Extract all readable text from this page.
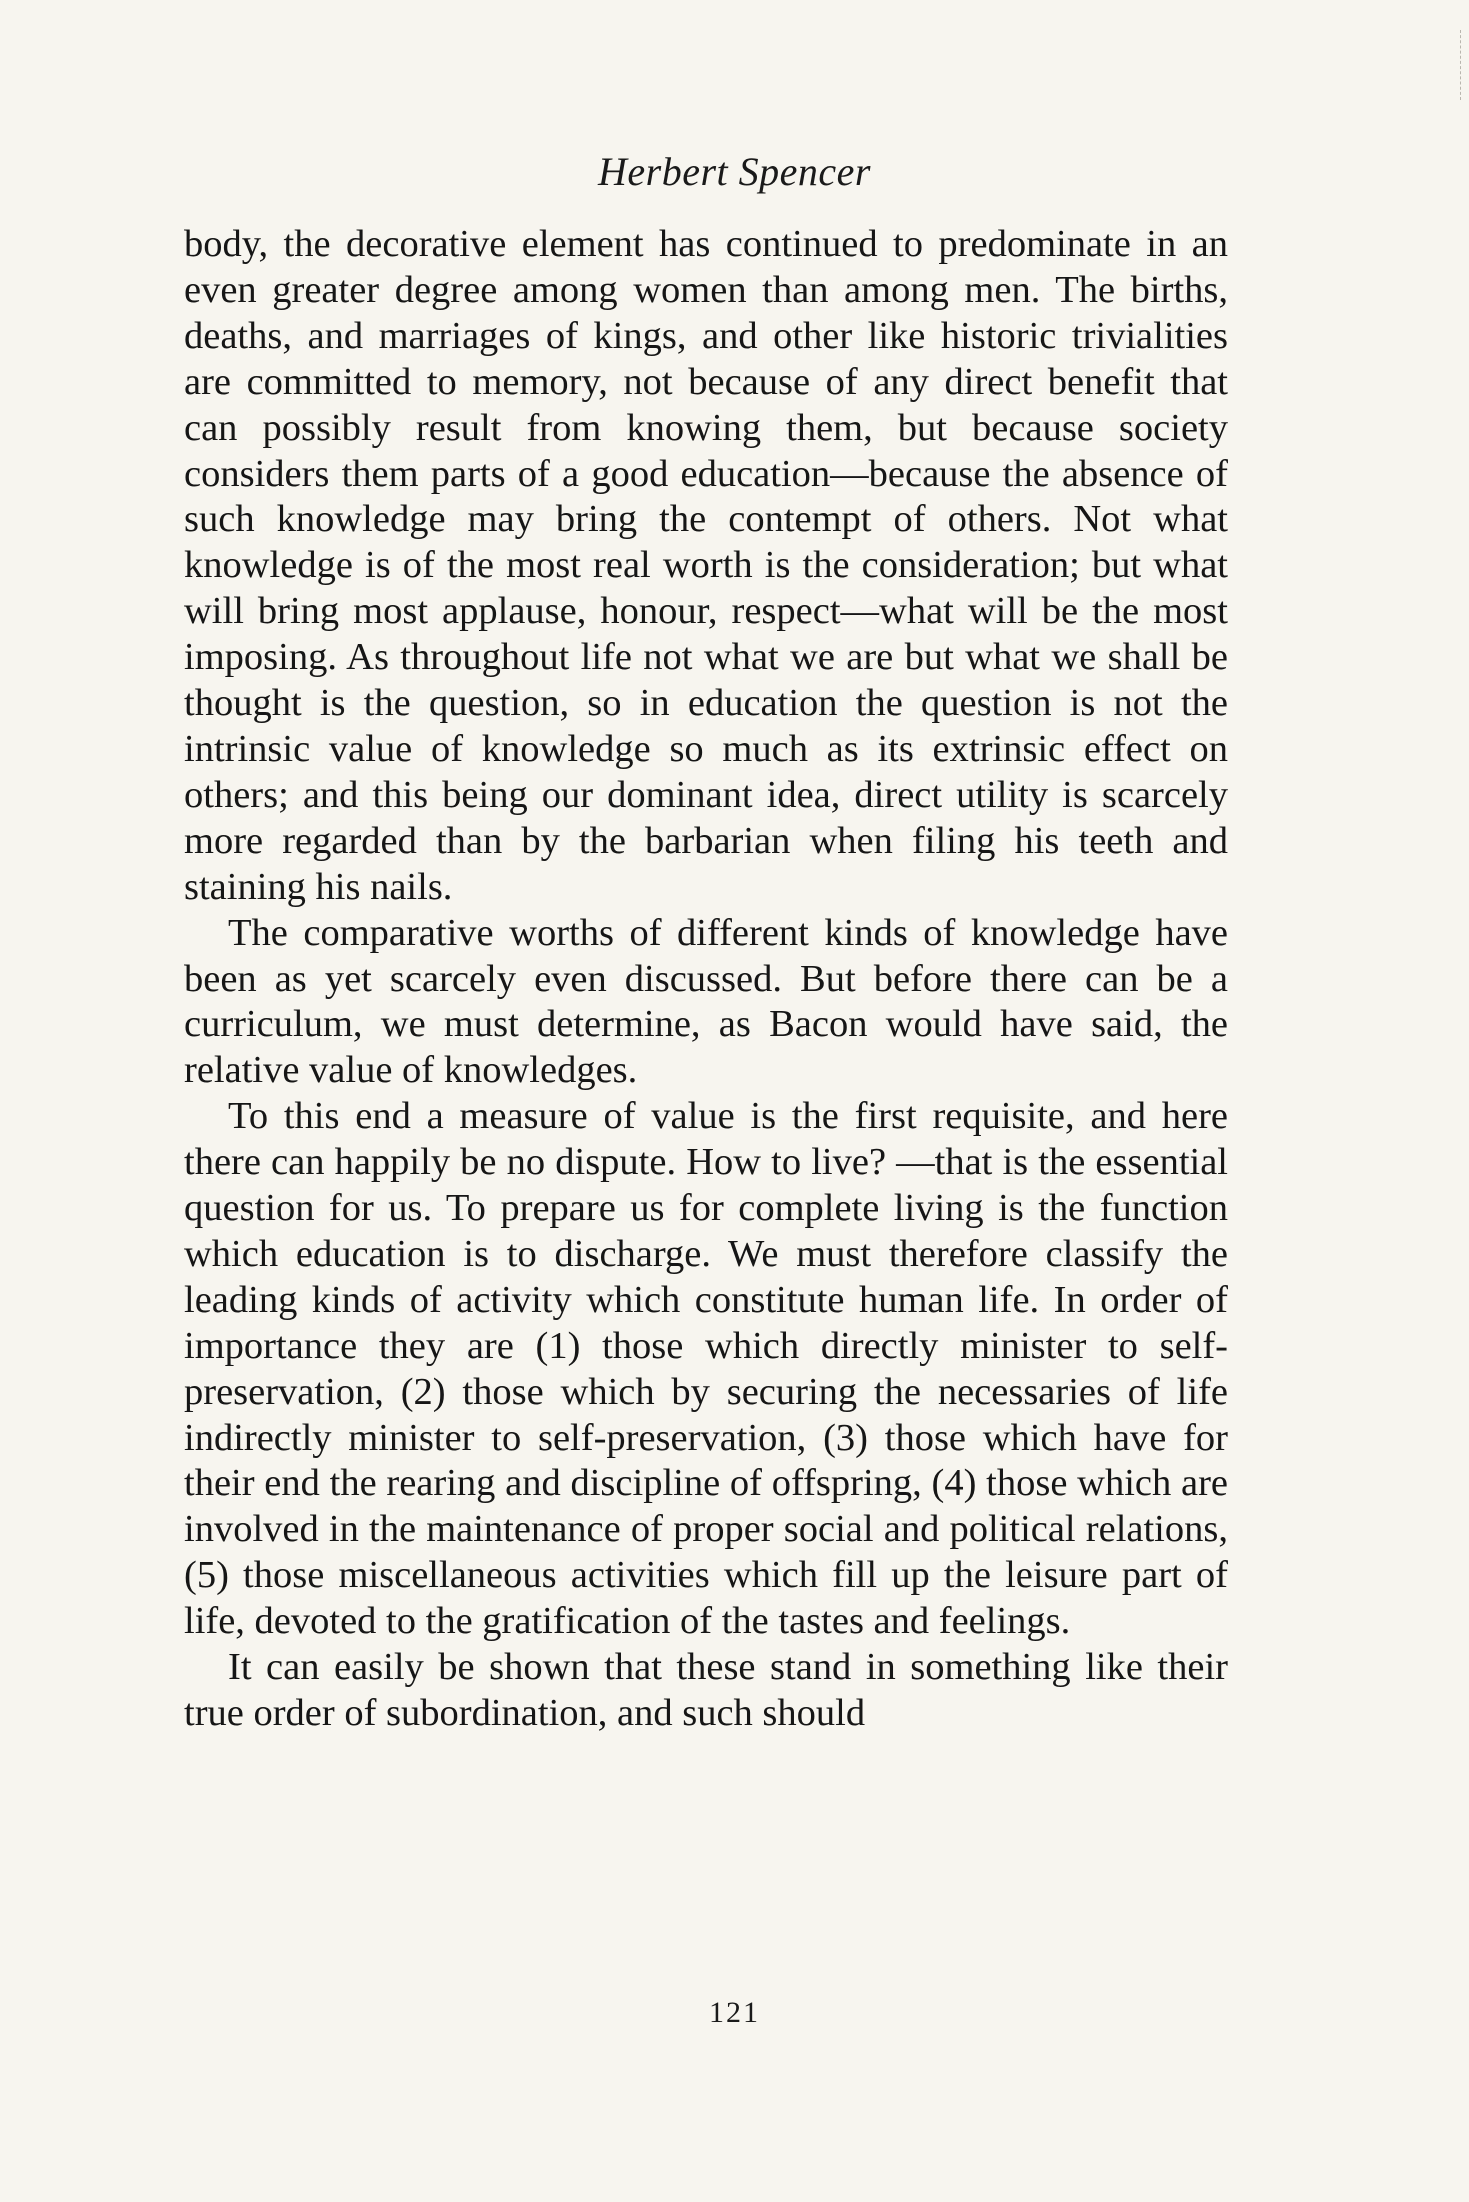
Herbert Spencer

body, the decorative element has continued to predominate in an even greater degree among women than among men. The births, deaths, and marriages of kings, and other like historic trivialities are committed to memory, not because of any direct benefit that can possibly result from knowing them, but because society considers them parts of a good education—because the absence of such knowledge may bring the contempt of others. Not what knowledge is of the most real worth is the consideration; but what will bring most applause, honour, respect—what will be the most imposing. As throughout life not what we are but what we shall be thought is the question, so in education the question is not the intrinsic value of knowledge so much as its extrinsic effect on others; and this being our dominant idea, direct utility is scarcely more regarded than by the barbarian when filing his teeth and staining his nails.

The comparative worths of different kinds of knowledge have been as yet scarcely even discussed. But before there can be a curriculum, we must determine, as Bacon would have said, the relative value of knowledges.

To this end a measure of value is the first requisite, and here there can happily be no dispute. How to live? —that is the essential question for us. To prepare us for complete living is the function which education is to discharge. We must therefore classify the leading kinds of activity which constitute human life. In order of importance they are (1) those which directly minister to self-preservation, (2) those which by securing the necessaries of life indirectly minister to self-preservation, (3) those which have for their end the rearing and discipline of offspring, (4) those which are involved in the maintenance of proper social and political relations, (5) those miscellaneous activities which fill up the leisure part of life, devoted to the gratification of the tastes and feelings.

It can easily be shown that these stand in something like their true order of subordination, and such should

121
